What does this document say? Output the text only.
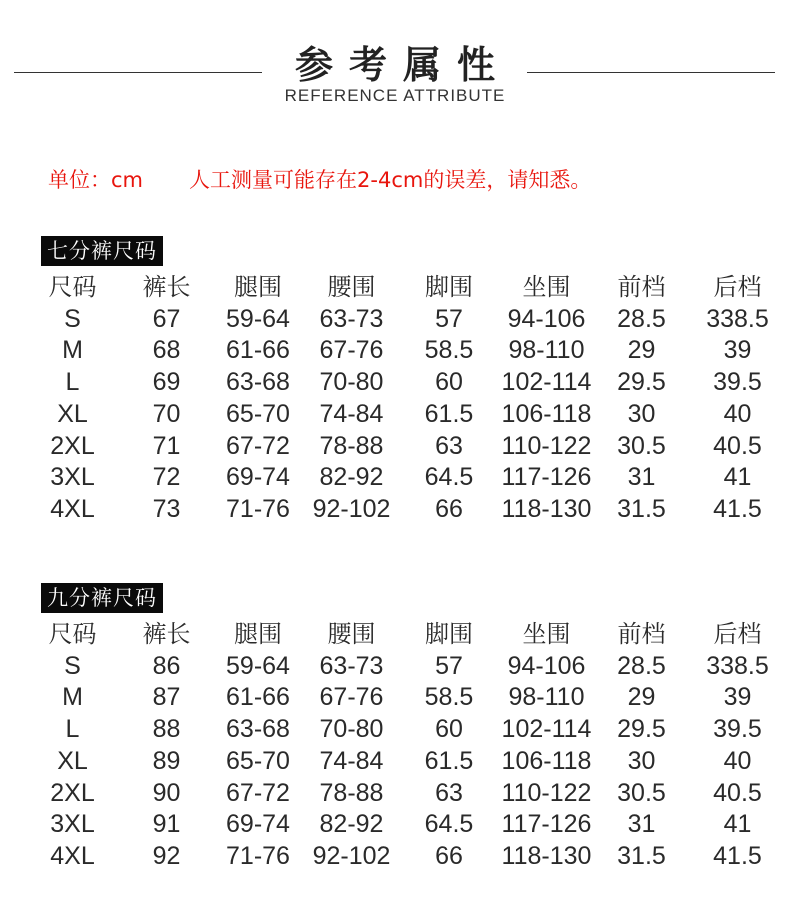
参考属性
REFERENCE ATTRIBUTE
单位：cm 人工测量可能存在2-4cm的误差，请知悉。
七分裤尺码
尺码	裤长	腿围	腰围	脚围	坐围	前档	后档
S	67	59-64	63-73	57	94-106	28.5	338.5
M	68	61-66	67-76	58.5	98-110	29	39
L	69	63-68	70-80	60	102-114	29.5	39.5
XL	70	65-70	74-84	61.5	106-118	30	40
2XL	71	67-72	78-88	63	110-122	30.5	40.5
3XL	72	69-74	82-92	64.5	117-126	31	41
4XL	73	71-76	92-102	66	118-130	31.5	41.5
九分裤尺码
尺码	裤长	腿围	腰围	脚围	坐围	前档	后档
S	86	59-64	63-73	57	94-106	28.5	338.5
M	87	61-66	67-76	58.5	98-110	29	39
L	88	63-68	70-80	60	102-114	29.5	39.5
XL	89	65-70	74-84	61.5	106-118	30	40
2XL	90	67-72	78-88	63	110-122	30.5	40.5
3XL	91	69-74	82-92	64.5	117-126	31	41
4XL	92	71-76	92-102	66	118-130	31.5	41.5
